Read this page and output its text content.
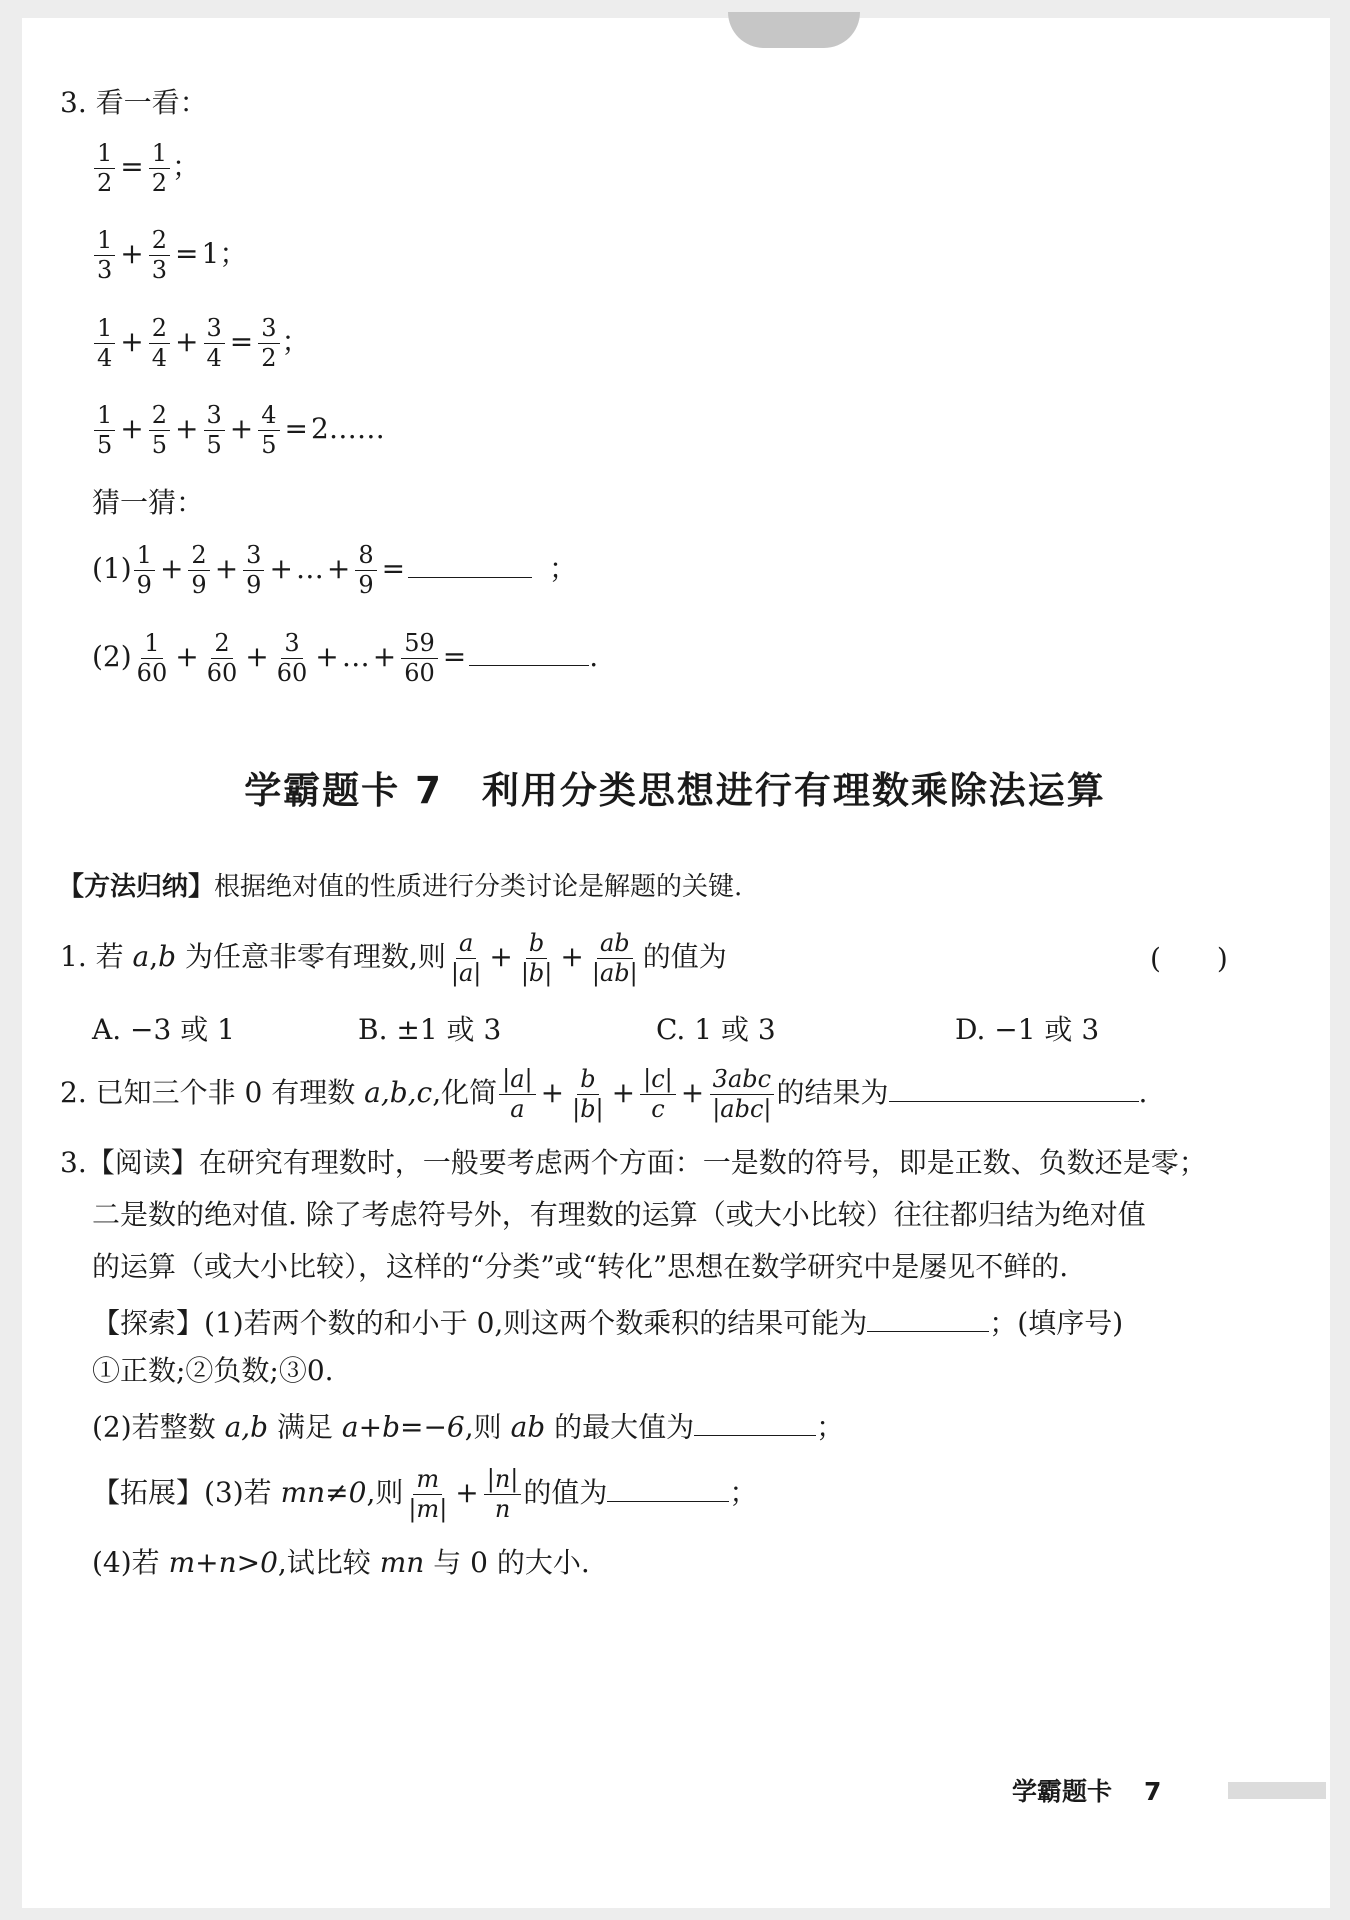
3. 看一看：
$\frac{1}{2} = \frac{1}{2}$ ；
$\frac{1}{3} + \frac{2}{3} = 1$；
$\frac{1}{4} + \frac{2}{4} + \frac{3}{4} = \frac{3}{2}$ ；
$\frac{1}{5} + \frac{2}{5} + \frac{3}{5} + \frac{4}{5}$ = 2……
猜一猜：
$(1) \frac{1}{9} + \frac{2}{9} + \frac{3}{9}$ + … + $\frac{8}{9}$ =	；
$(2) \frac{1}{60} + \frac{2}{60} + \frac{3}{60}$ + … + $\frac{59}{60}$ =	.
学霸题卡 7　利用分类思想进行有理数乘除法运算
【方法归纳】根据绝对值的性质进行分类讨论是解题的关键.
1. 若 a,b 为任意非零有理数,则 $\frac{a}{|a|} + \frac{b}{|b|} + \frac{ab}{|ab|}$ 的值为	(　　)
A. −3 或 1	B. ±1 或 3	C. 1 或 3	D. −1 或 3
2. 已知三个非 0 有理数 a,b,c,化简 $\frac{|a|}{a} + \frac{b}{|b|} + \frac{|c|}{c} + \frac{\text{3abc}}{\text{|abc|}}$ 的结果为	.
3.【阅读】在研究有理数时，一般要考虑两个方面：一是数的符号，即是正数、负数还是零；
二是数的绝对值. 除了考虑符号外，有理数的运算（或大小比较）往往都归结为绝对值
的运算（或大小比较），这样的“分类”或“转化”思想在数学研究中是屡见不鲜的.
【探索】(1)若两个数的和小于 0,则这两个数乘积的结果可能为	；(填序号)
①正数;②负数;③0.
(2)若整数 a,b 满足 a+b=−6,则 ab 的最大值为	；
【拓展】(3)若 mn≠0,则 $\frac{m}{|m|} + \frac{|n|}{n}$ 的值为	；
(4)若 m+n>0,试比较 mn 与 0 的大小.
学霸题卡 7
